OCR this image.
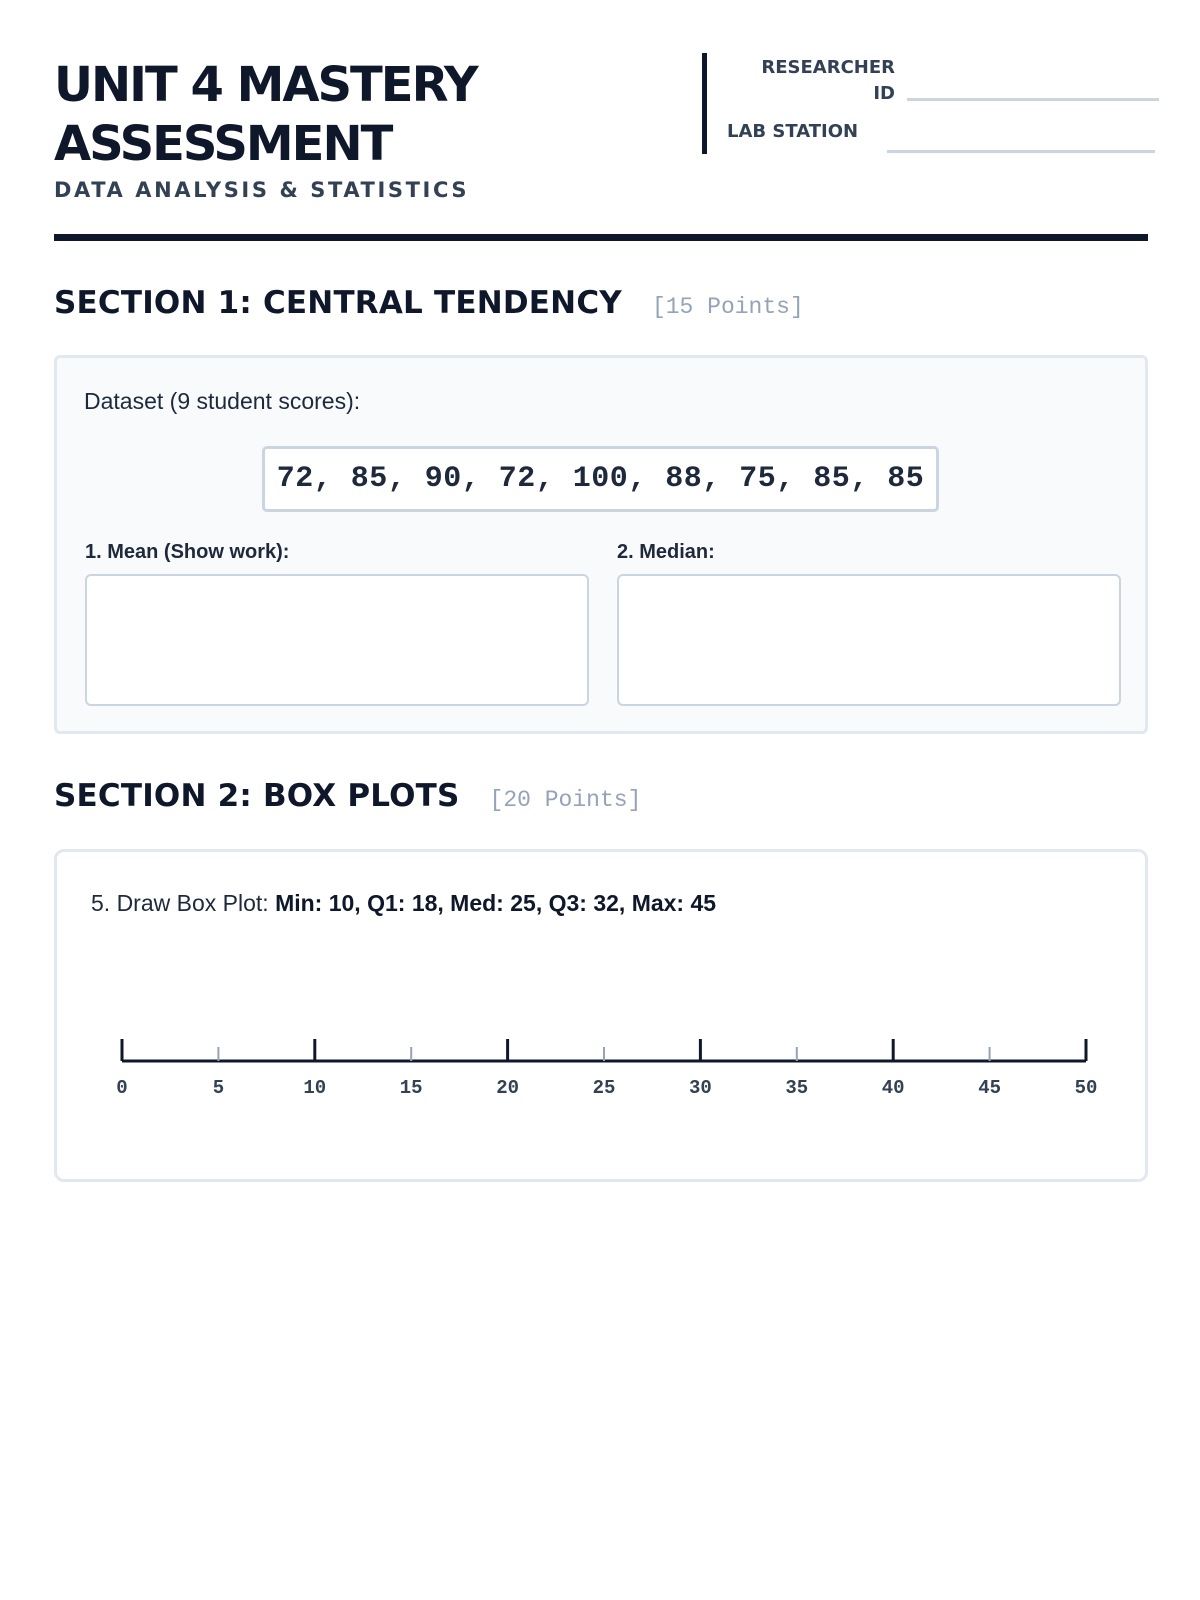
UNIT 4 MASTERY
ASSESSMENT
DATA ANALYSIS & STATISTICS
RESEARCHER
ID
LAB STATION
SECTION 1: CENTRAL TENDENCY [15 Points]
Dataset (9 student scores):
72, 85, 90, 72, 100, 88, 75, 85, 85
1. Mean (Show work):	2. Median:
SECTION 2: BOX PLOTS [20 Points]
5. Draw Box Plot: Min: 10, Q1: 18, Med: 25, Q3: 32, Max: 45
0	5	10	15	20	25	30	35	40	45	50
